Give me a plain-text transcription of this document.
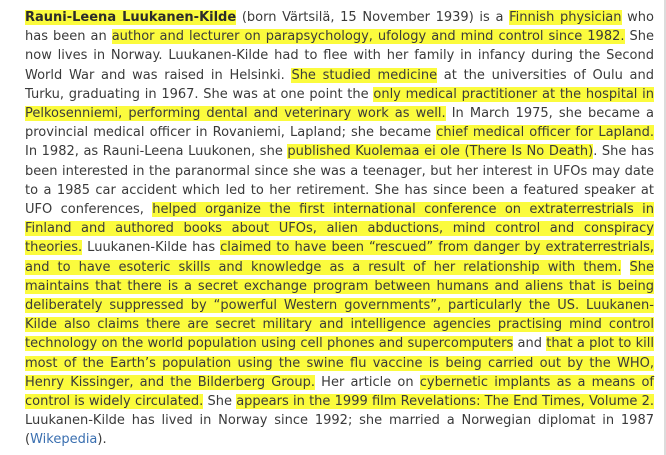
Rauni-Leena Luukanen-Kilde (born Värtsilä, 15 November 1939) is a Finnish physician who has been an author and lecturer on parapsychology, ufology and mind control since 1982. She now lives in Norway. Luukanen-Kilde had to flee with her family in infancy during the Second World War and was raised in Helsinki. She studied medicine at the universities of Oulu and Turku, graduating in 1967. She was at one point the only medical practitioner at the hospital in Pelkosenniemi, performing dental and veterinary work as well. In March 1975, she became a provincial medical officer in Rovaniemi, Lapland; she became chief medical officer for Lapland. In 1982, as Rauni-Leena Luukonen, she published Kuolemaa ei ole (There Is No Death). She has been interested in the paranormal since she was a teenager, but her interest in UFOs may date to a 1985 car accident which led to her retirement. She has since been a featured speaker at UFO conferences, helped organize the first international conference on extraterrestrials in Finland and authored books about UFOs, alien abductions, mind control and conspiracy theories. Luukanen-Kilde has claimed to have been “rescued” from danger by extraterrestrials, and to have esoteric skills and knowledge as a result of her relationship with them. She maintains that there is a secret exchange program between humans and aliens that is being deliberately suppressed by “powerful Western governments”, particularly the US. Luukanen-Kilde also claims there are secret military and intelligence agencies practising mind control technology on the world population using cell phones and supercomputers and that a plot to kill most of the Earth’s population using the swine flu vaccine is being carried out by the WHO, Henry Kissinger, and the Bilderberg Group. Her article on cybernetic implants as a means of control is widely circulated. She appears in the 1999 film Revelations: The End Times, Volume 2. Luukanen-Kilde has lived in Norway since 1992; she married a Norwegian diplomat in 1987 (Wikepedia).
